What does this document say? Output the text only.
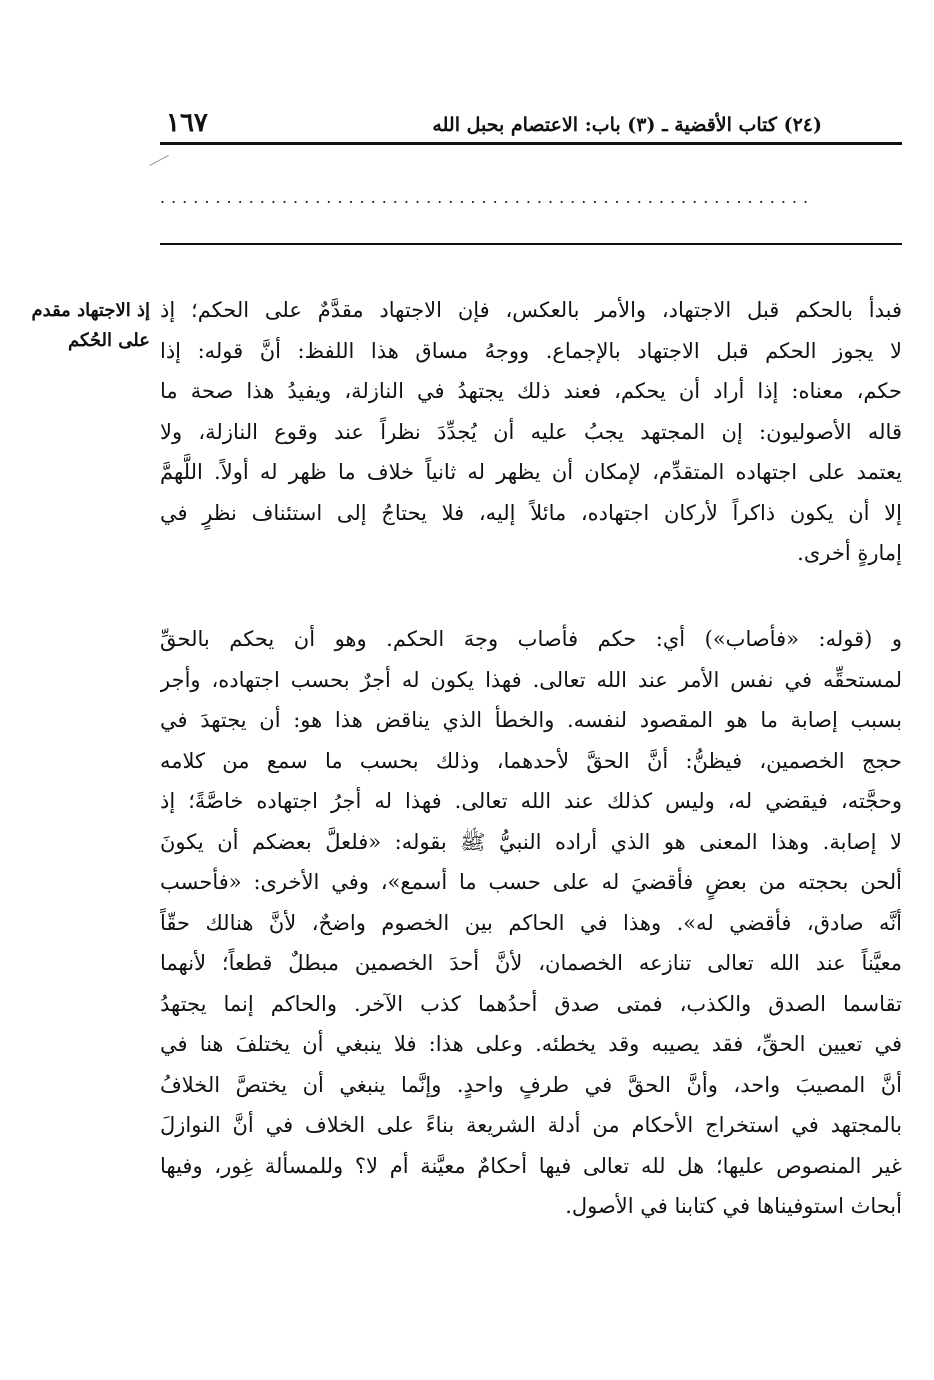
(٢٤) كتاب الأقضية ـ (٣) باب: الاعتصام بحبل الله
١٦٧
...........................................................
إذ الاجتهاد مقدم
على الحُكم
فبدأ بالحكم قبل الاجتهاد، والأمر بالعكس، فإن الاجتهاد مقدَّمٌ على الحكم؛ إذ
لا يجوز الحكم قبل الاجتهاد بالإجماع. ووجهُ مساق هذا اللفظ: أنَّ قوله: إذا
حكم، معناه: إذا أراد أن يحكم، فعند ذلك يجتهدُ في النازلة، ويفيدُ هذا صحة ما
قاله الأصوليون: إن المجتهد يجبُ عليه أن يُجدِّدَ نظراً عند وقوع النازلة، ولا
يعتمد على اجتهاده المتقدِّم، لإمكان أن يظهر له ثانياً خلاف ما ظهر له أولاً. اللَّهمَّ
إلا أن يكون ذاكراً لأركان اجتهاده، مائلاً إليه، فلا يحتاجُ إلى استئناف نظرٍ في
إمارةٍ أخرى.
و (قوله: «فأصاب») أي: حكم فأصاب وجهَ الحكم. وهو أن يحكم بالحقِّ
لمستحقِّه في نفس الأمر عند الله تعالى. فهذا يكون له أجرٌ بحسب اجتهاده، وأجر
بسبب إصابة ما هو المقصود لنفسه. والخطأ الذي يناقض هذا هو: أن يجتهدَ في
حجج الخصمين، فيظنُّ: أنَّ الحقَّ لأحدهما، وذلك بحسب ما سمع من كلامه
وحجَّته، فيقضي له، وليس كذلك عند الله تعالى. فهذا له أجرُ اجتهاده خاصَّةً؛ إذ
لا إصابة. وهذا المعنى هو الذي أراده النبيُّ ﷺ بقوله: «فلعلَّ بعضكم أن يكونَ
ألحن بحجته من بعضٍ فأقضيَ له على حسب ما أسمع»، وفي الأخرى: «فأحسب
أنَّه صادق، فأقضي له». وهذا في الحاكم بين الخصوم واضحٌ، لأنَّ هنالك حقّاً
معيَّناً عند الله تعالى تنازعه الخصمان، لأنَّ أحدَ الخصمين مبطلٌ قطعاً؛ لأنهما
تقاسما الصدق والكذب، فمتى صدق أحدُهما كذب الآخر. والحاكم إنما يجتهدُ
في تعيين الحقِّ، فقد يصيبه وقد يخطئه. وعلى هذا: فلا ينبغي أن يختلفَ هنا في
أنَّ المصيبَ واحد، وأنَّ الحقَّ في طرفٍ واحدٍ. وإنَّما ينبغي أن يختصَّ الخلافُ
بالمجتهد في استخراج الأحكام من أدلة الشريعة بناءً على الخلاف في أنَّ النوازلَ
غير المنصوص عليها؛ هل لله تعالى فيها أحكامٌ معيَّنة أم لا؟ وللمسألة غِور، وفيها
أبحاث استوفيناها في كتابنا في الأصول.
